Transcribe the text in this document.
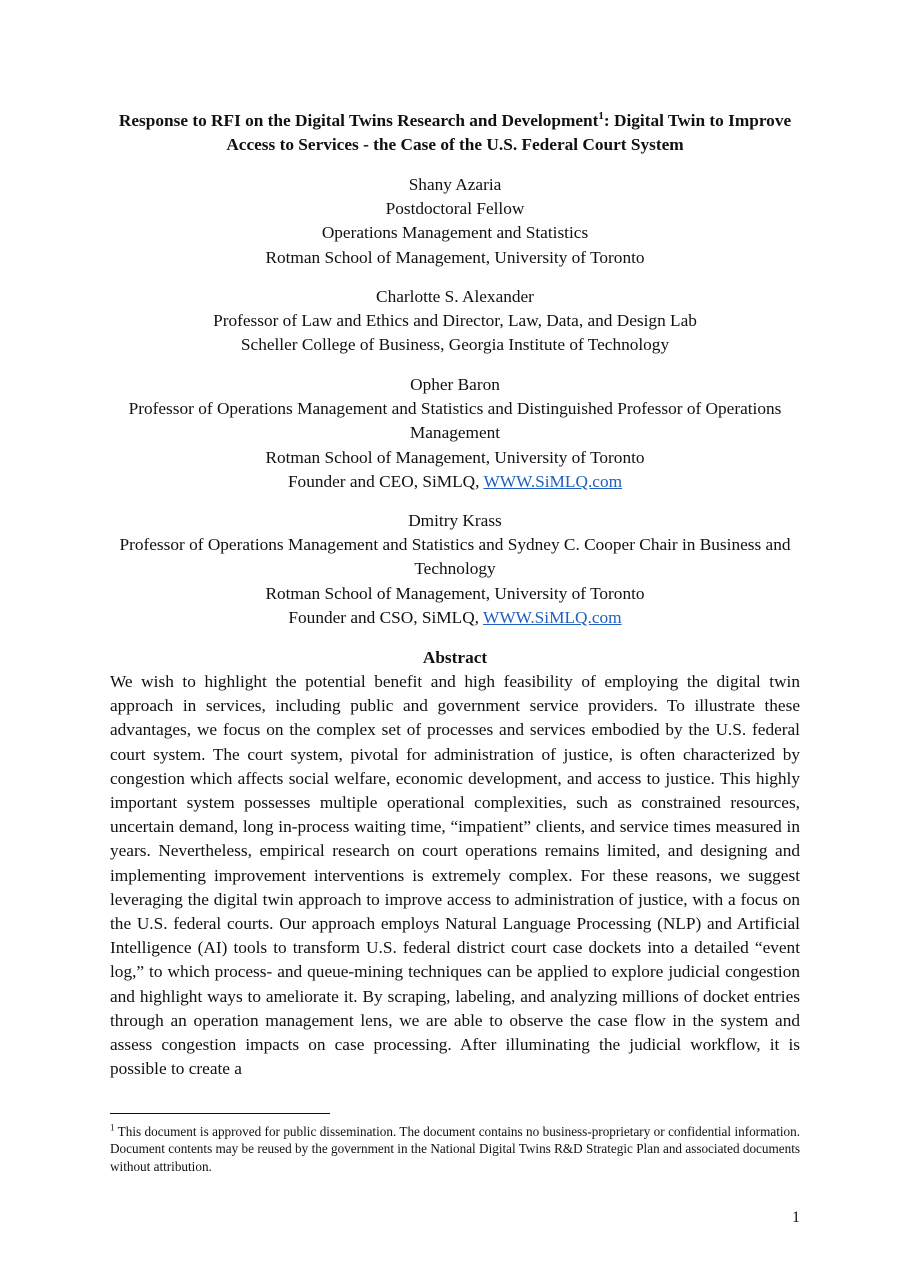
Response to RFI on the Digital Twins Research and Development$^1$: Digital Twin to Improve Access to Services - the Case of the U.S. Federal Court System
Shany Azaria
Postdoctoral Fellow
Operations Management and Statistics
Rotman School of Management, University of Toronto
Charlotte S. Alexander
Professor of Law and Ethics and Director, Law, Data, and Design Lab
Scheller College of Business, Georgia Institute of Technology
Opher Baron
Professor of Operations Management and Statistics and Distinguished Professor of Operations Management
Rotman School of Management, University of Toronto
Founder and CEO, SiMLQ, WWW.SiMLQ.com
Dmitry Krass
Professor of Operations Management and Statistics and Sydney C. Cooper Chair in Business and Technology
Rotman School of Management, University of Toronto
Founder and CSO, SiMLQ, WWW.SiMLQ.com
Abstract

We wish to highlight the potential benefit and high feasibility of employing the digital twin approach in services, including public and government service providers. To illustrate these advantages, we focus on the complex set of processes and services embodied by the U.S. federal court system. The court system, pivotal for administration of justice, is often characterized by congestion which affects social welfare, economic development, and access to justice. This highly important system possesses multiple operational complexities, such as constrained resources, uncertain demand, long in-process waiting time, “impatient” clients, and service times measured in years. Nevertheless, empirical research on court operations remains limited, and designing and implementing improvement interventions is extremely complex. For these reasons, we suggest leveraging the digital twin approach to improve access to administration of justice, with a focus on the U.S. federal courts. Our approach employs Natural Language Processing (NLP) and Artificial Intelligence (AI) tools to transform U.S. federal district court case dockets into a detailed “event log,” to which process- and queue-mining techniques can be applied to explore judicial congestion and highlight ways to ameliorate it. By scraping, labeling, and analyzing millions of docket entries through an operation management lens, we are able to observe the case flow in the system and assess congestion impacts on case processing. After illuminating the judicial workflow, it is possible to create a

$^1$ This document is approved for public dissemination. The document contains no business-proprietary or confidential information. Document contents may be reused by the government in the National Digital Twins R&D Strategic Plan and associated documents without attribution.

1
